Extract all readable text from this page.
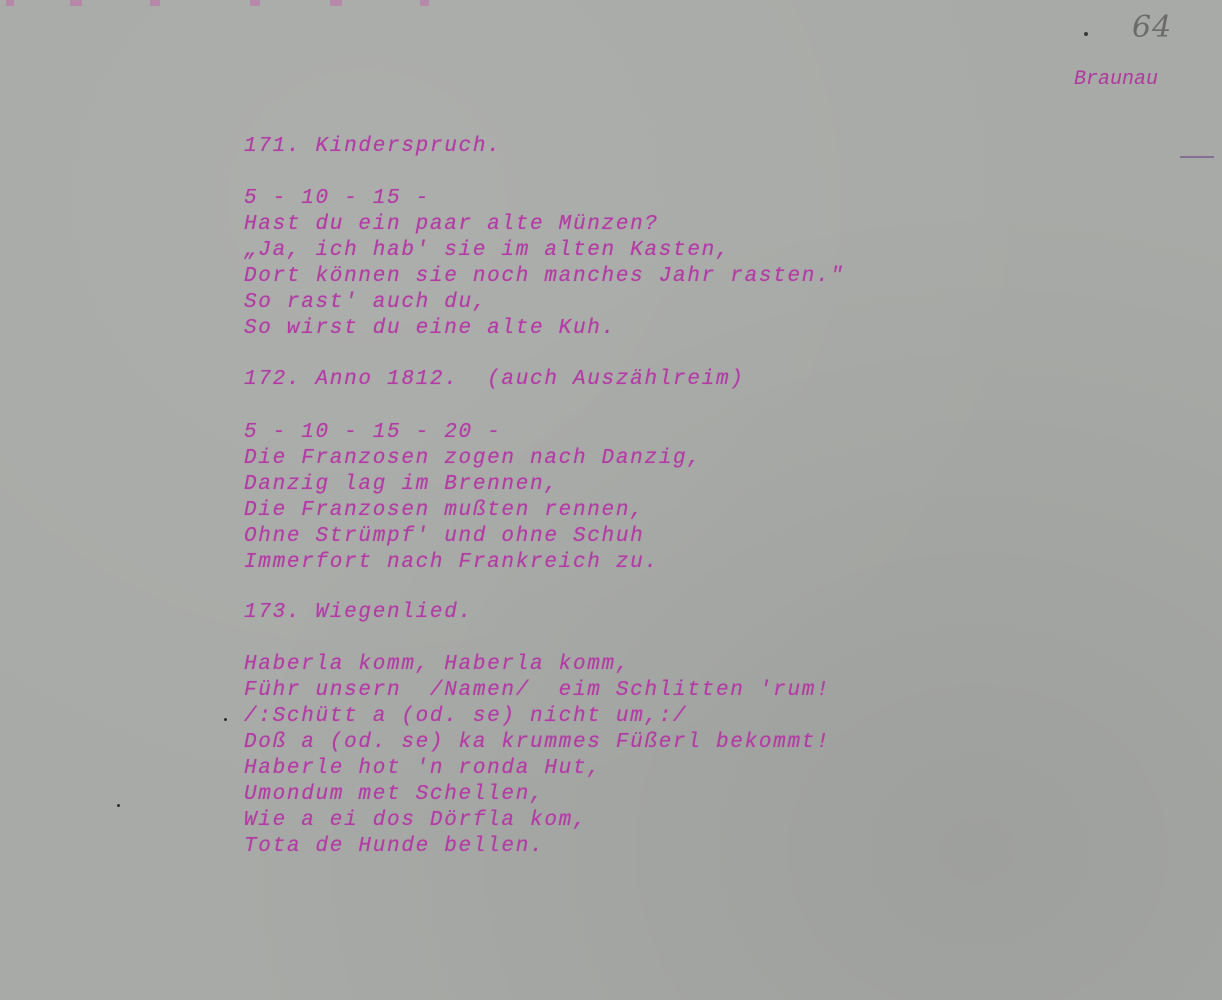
64
Braunau
171. Kinderspruch.
5 - 10 - 15 -
Hast du ein paar alte Münzen?
„Ja, ich hab' sie im alten Kasten,
Dort können sie noch manches Jahr rasten."
So rast' auch du,
So wirst du eine alte Kuh.
172. Anno 1812.  (auch Auszählreim)
5 - 10 - 15 - 20 -
Die Franzosen zogen nach Danzig,
Danzig lag im Brennen,
Die Franzosen mußten rennen,
Ohne Strümpf' und ohne Schuh
Immerfort nach Frankreich zu.
173. Wiegenlied.
Haberla komm, Haberla komm,
Führ unsern  /Namen/  eim Schlitten 'rum!
/:Schütt a (od. se) nicht um,:/
Doß a (od. se) ka krummes Füßerl bekommt!
Haberle hot 'n ronda Hut,
Umondum met Schellen,
Wie a ei dos Dörfla kom,
Tota de Hunde bellen.
